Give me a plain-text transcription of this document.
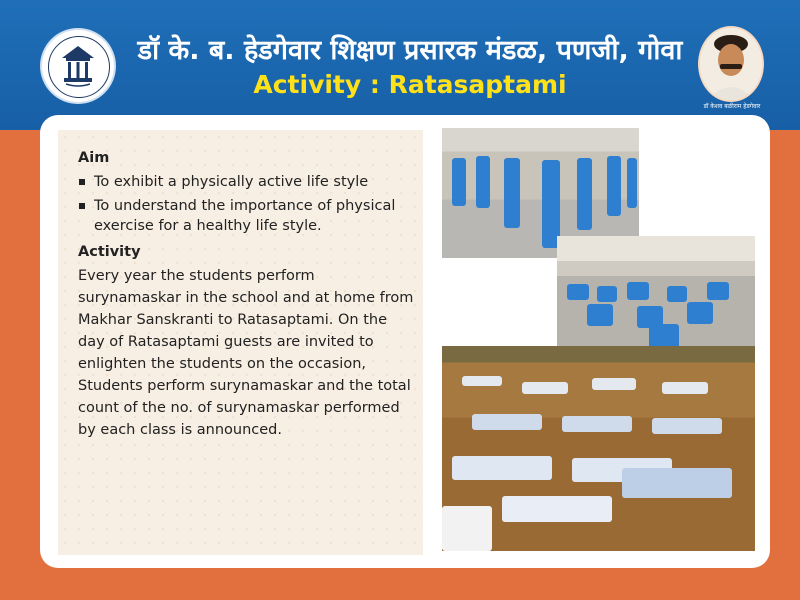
डॉ के. ब. हेडगेवार शिक्षण प्रसारक मंडळ, पणजी, गोवा
Activity : Ratasaptami
डॉ केशव बळीराम हेडगेवार
Aim
To exhibit a physically active life style
To understand the importance of physical exercise for a healthy life style.
Activity
Every year the students perform surynamaskar in the school and at home from Makhar Sanskranti to Ratasaptami. On the day of Ratasaptami guests are invited to enlighten the students on the occasion, Students perform surynamaskar and the total count of the no. of surynamaskar performed by each class is announced.
